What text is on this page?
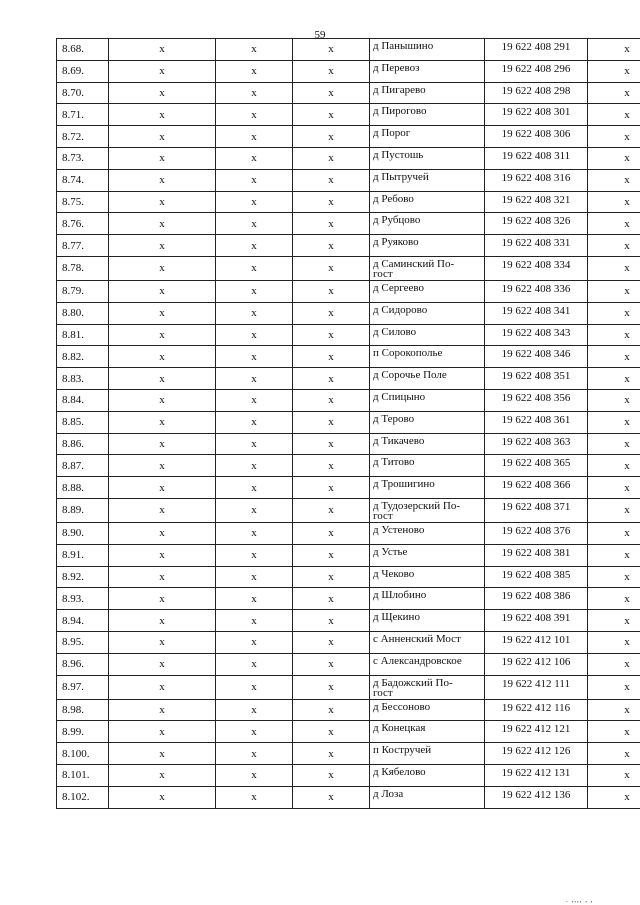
59
8.68.	x	x	x	д Панышино	19 622 408 291	x
8.69.	x	x	x	д Перевоз	19 622 408 296	x
8.70.	x	x	x	д Пигарево	19 622 408 298	x
8.71.	x	x	x	д Пирогово	19 622 408 301	x
8.72.	x	x	x	д Порог	19 622 408 306	x
8.73.	x	x	x	д Пустошь	19 622 408 311	x
8.74.	x	x	x	д Пытручей	19 622 408 316	x
8.75.	x	x	x	д Ребово	19 622 408 321	x
8.76.	x	x	x	д Рубцово	19 622 408 326	x
8.77.	x	x	x	д Руяково	19 622 408 331	x
8.78.	x	x	x	д Саминский По-
гост	19 622 408 334	x
8.79.	x	x	x	д Сергеево	19 622 408 336	x
8.80.	x	x	x	д Сидорово	19 622 408 341	x
8.81.	x	x	x	д Силово	19 622 408 343	x
8.82.	x	x	x	п Сорокополье	19 622 408 346	x
8.83.	x	x	x	д Сорочье Поле	19 622 408 351	x
8.84.	x	x	x	д Спицыно	19 622 408 356	x
8.85.	x	x	x	д Терово	19 622 408 361	x
8.86.	x	x	x	д Тикачево	19 622 408 363	x
8.87.	x	x	x	д Титово	19 622 408 365	x
8.88.	x	x	x	д Трошигино	19 622 408 366	x
8.89.	x	x	x	д Тудозерский По-
гост	19 622 408 371	x
8.90.	x	x	x	д Устеново	19 622 408 376	x
8.91.	x	x	x	д Устье	19 622 408 381	x
8.92.	x	x	x	д Чеково	19 622 408 385	x
8.93.	x	x	x	д Шлобино	19 622 408 386	x
8.94.	x	x	x	д Щекино	19 622 408 391	x
8.95.	x	x	x	с Анненский Мост	19 622 412 101	x
8.96.	x	x	x	с Александровское	19 622 412 106	x
8.97.	x	x	x	д Бадожский По-
гост	19 622 412 111	x
8.98.	x	x	x	д Бессоново	19 622 412 116	x
8.99.	x	x	x	д Конецкая	19 622 412 121	x
8.100.	x	x	x	п Костручей	19 622 412 126	x
8.101.	x	x	x	д Кябелово	19 622 412 131	x
8.102.	x	x	x	д Лоза	19 622 412 136	x
. ,,,, , ,
